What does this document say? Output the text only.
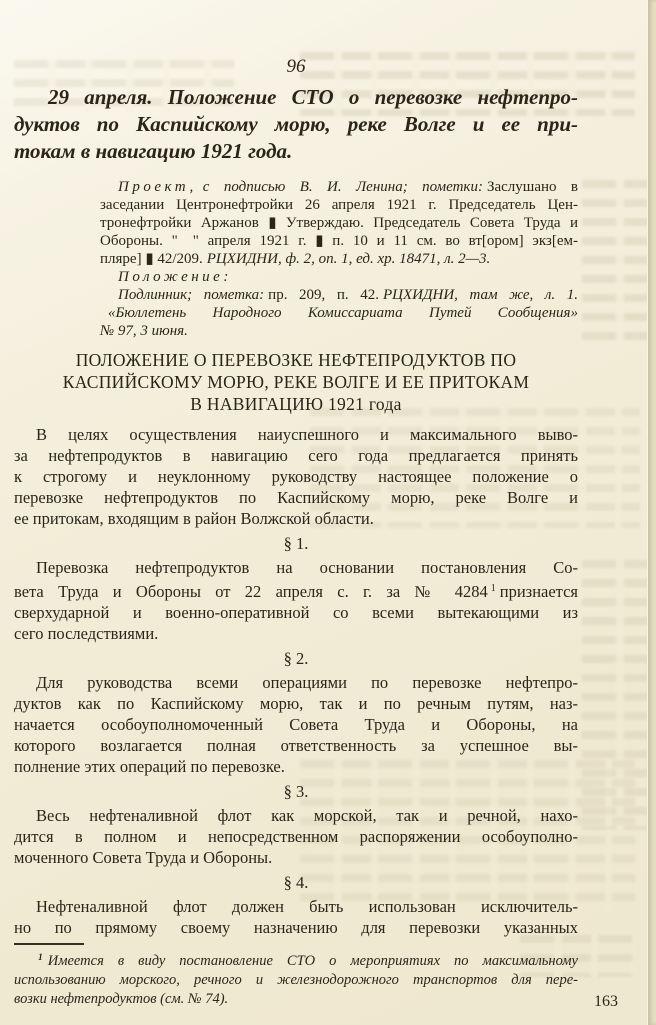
96
29 апреля. Положение СТО о перевозке нефтепро-
дуктов по Каспийскому морю, реке Волге и ее при-
токам в навигацию 1921 года.
Проект, с подписью В. И. Ленина; пометки: Заслушано в
заседании Центронефтройки 26 апреля 1921 г. Председатель Цен-
тронефтройки Аржанов ▮ Утверждаю. Председатель Совета Труда и
Обороны. "  " апреля 1921 г. ▮ п. 10 и 11 см. во вт[ором] экз[ем-
пляре] ▮ 42/209. РЦХИДНИ, ф. 2, оп. 1, ед. хр. 18471, л. 2—3.
Положение:
Подлинник; пометка: пр. 209, п. 42. РЦХИДНИ, там же, л. 1.
«Бюллетень Народного Комиссариата Путей Сообщения»
№ 97, 3 июня.
ПОЛОЖЕНИЕ О ПЕРЕВОЗКЕ НЕФТЕПРОДУКТОВ ПО
КАСПИЙСКОМУ МОРЮ, РЕКЕ ВОЛГЕ И ЕЕ ПРИТОКАМ
В НАВИГАЦИЮ 1921 года
В целях осуществления наиуспешного и максимального выво-
за нефтепродуктов в навигацию сего года предлагается принять
к строгому и неуклонному руководству настоящее положение о
перевозке нефтепродуктов по Каспийскому морю, реке Волге и
ее притокам, входящим в район Волжской области.
§ 1.
Перевозка нефтепродуктов на основании постановления Со-
вета Труда и Обороны от 22 апреля с. г. за № 4284 $^1$ признается
сверхударной и военно-оперативной со всеми вытекающими из
сего последствиями.
§ 2.
Для руководства всеми операциями по перевозке нефтепро-
дуктов как по Каспийскому морю, так и по речным путям, наз-
начается особоуполномоченный Совета Труда и Обороны, на
которого возлагается полная ответственность за успешное вы-
полнение этих операций по перевозке.
§ 3.
Весь нефтеналивной флот как морской, так и речной, нахо-
дится в полном и непосредственном распоряжении особоуполно-
моченного Совета Труда и Обороны.
§ 4.
Нефтеналивной флот должен быть использован исключитель-
но по прямому своему назначению для перевозки указанных
$^1$ Имеется в виду постановление СТО о мероприятиях по максимальному
использованию морского, речного и железнодорожного транспортов для пере-
возки нефтепродуктов (см. № 74).	163
